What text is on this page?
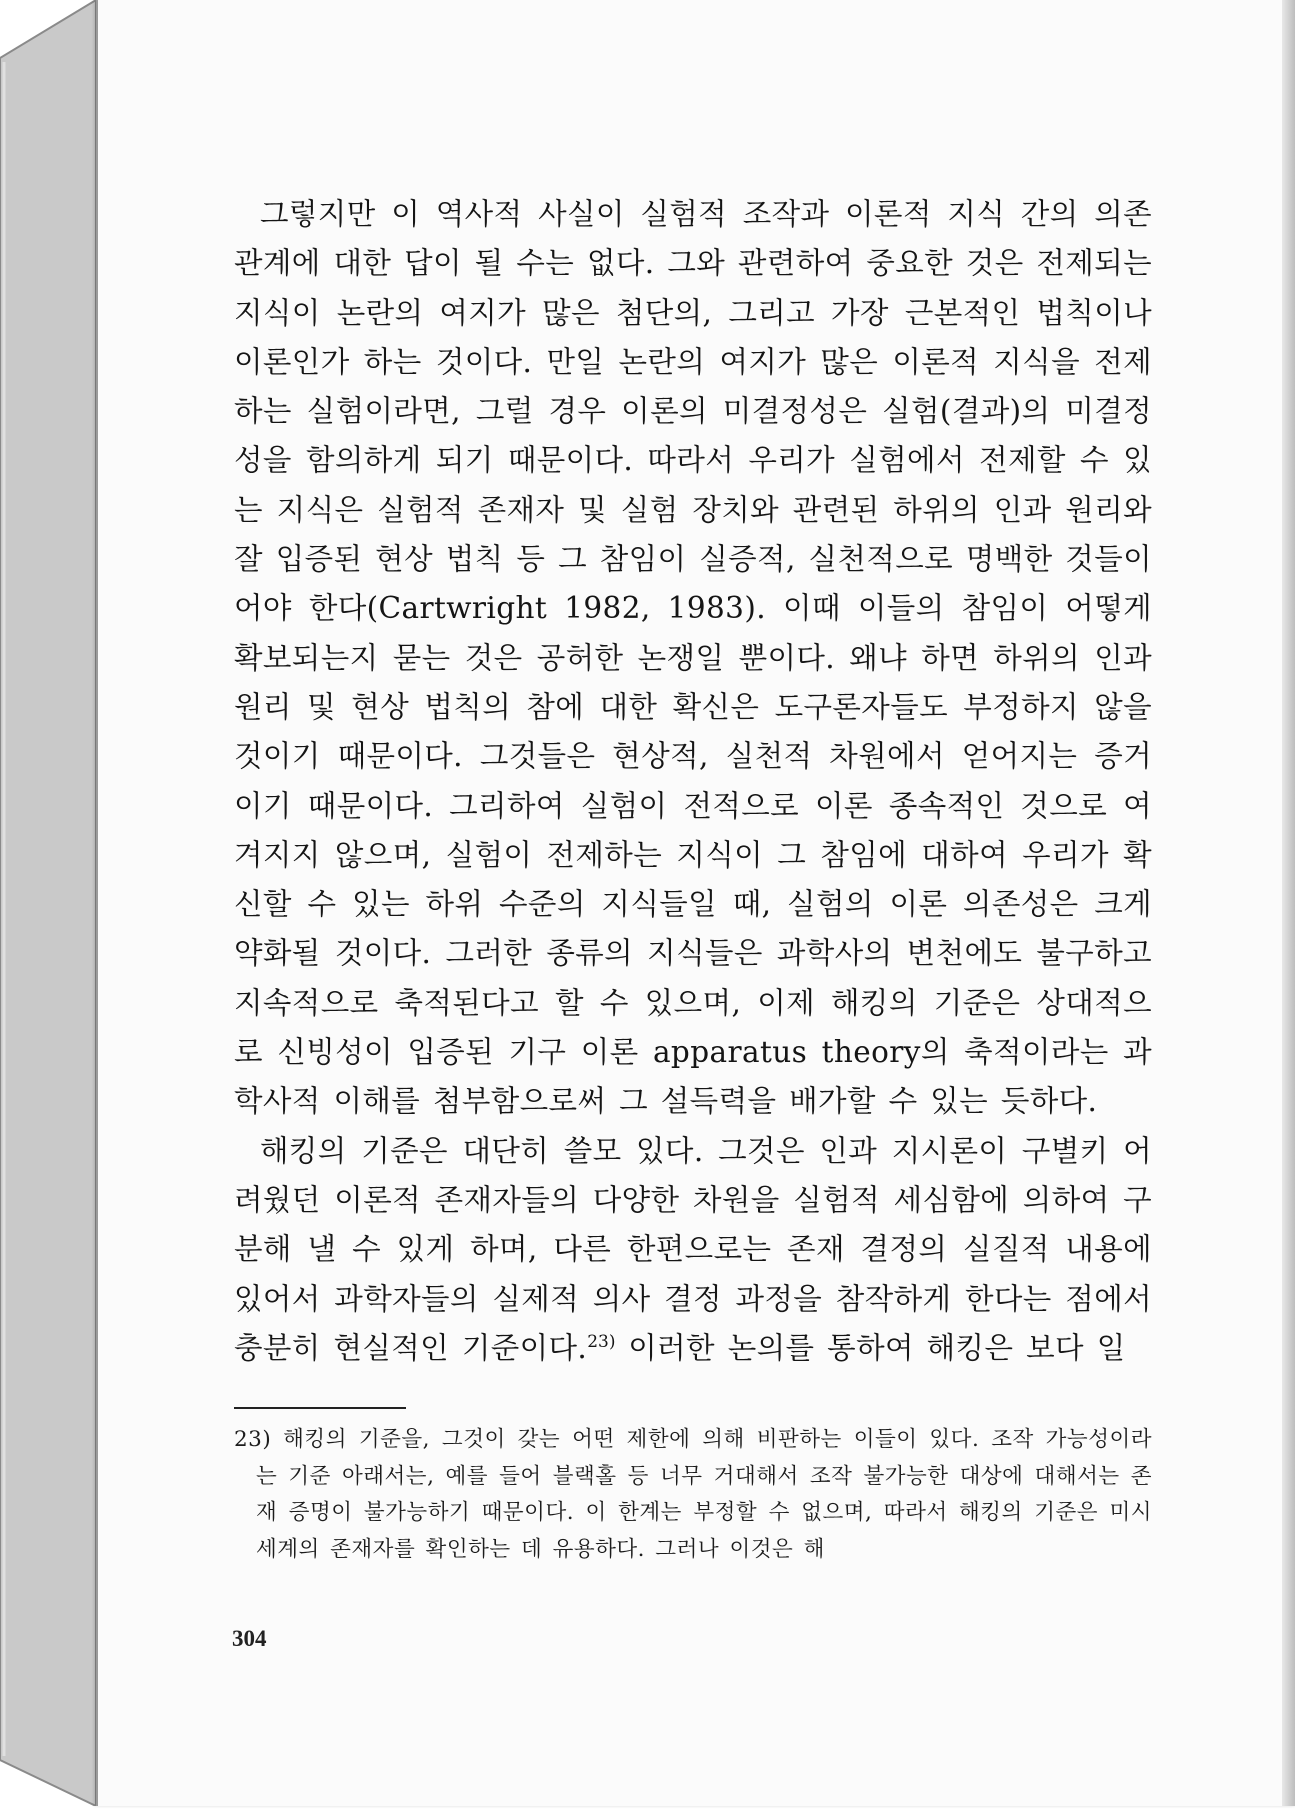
그렇지만 이 역사적 사실이 실험적 조작과 이론적 지식 간의 의존관계에 대한 답이 될 수는 없다. 그와 관련하여 중요한 것은 전제되는 지식이 논란의 여지가 많은 첨단의, 그리고 가장 근본적인 법칙이나 이론인가 하는 것이다. 만일 논란의 여지가 많은 이론적 지식을 전제하는 실험이라면, 그럴 경우 이론의 미결정성은 실험(결과)의 미결정성을 함의하게 되기 때문이다. 따라서 우리가 실험에서 전제할 수 있는 지식은 실험적 존재자 및 실험 장치와 관련된 하위의 인과 원리와 잘 입증된 현상 법칙 등 그 참임이 실증적, 실천적으로 명백한 것들이어야 한다(Cartwright 1982, 1983). 이때 이들의 참임이 어떻게 확보되는지 묻는 것은 공허한 논쟁일 뿐이다. 왜냐 하면 하위의 인과 원리 및 현상 법칙의 참에 대한 확신은 도구론자들도 부정하지 않을 것이기 때문이다. 그것들은 현상적, 실천적 차원에서 얻어지는 증거이기 때문이다. 그리하여 실험이 전적으로 이론 종속적인 것으로 여겨지지 않으며, 실험이 전제하는 지식이 그 참임에 대하여 우리가 확신할 수 있는 하위 수준의 지식들일 때, 실험의 이론 의존성은 크게 약화될 것이다. 그러한 종류의 지식들은 과학사의 변천에도 불구하고 지속적으로 축적된다고 할 수 있으며, 이제 해킹의 기준은 상대적으로 신빙성이 입증된 기구 이론 apparatus theory의 축적이라는 과학사적 이해를 첨부함으로써 그 설득력을 배가할 수 있는 듯하다.

해킹의 기준은 대단히 쓸모 있다. 그것은 인과 지시론이 구별키 어려웠던 이론적 존재자들의 다양한 차원을 실험적 세심함에 의하여 구분해 낼 수 있게 하며, 다른 한편으로는 존재 결정의 실질적 내용에 있어서 과학자들의 실제적 의사 결정 과정을 참작하게 한다는 점에서 충분히 현실적인 기준이다.$^{23)}$ 이러한 논의를 통하여 해킹은 보다 일

23) 해킹의 기준을, 그것이 갖는 어떤 제한에 의해 비판하는 이들이 있다. 조작 가능성이라는 기준 아래서는, 예를 들어 블랙홀 등 너무 거대해서 조작 불가능한 대상에 대해서는 존재 증명이 불가능하기 때문이다. 이 한계는 부정할 수 없으며, 따라서 해킹의 기준은 미시 세계의 존재자를 확인하는 데 유용하다. 그러나 이것은 해

304
